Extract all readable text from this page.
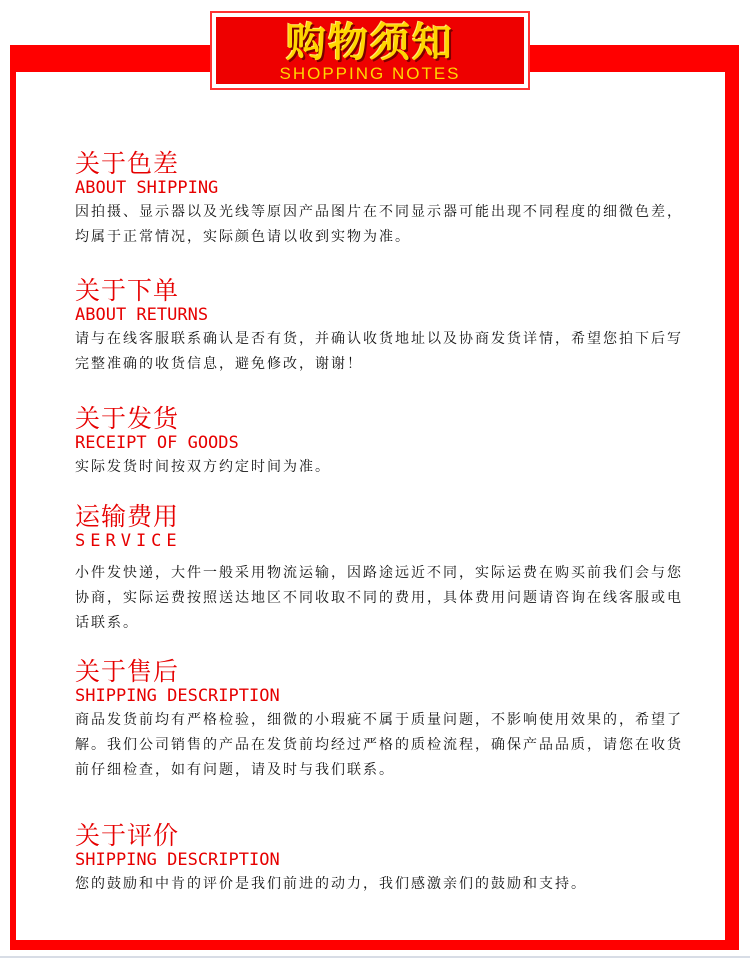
购物须知
SHOPPING NOTES
关于色差
ABOUT SHIPPING
因拍摄、显示器以及光线等原因产品图片在不同显示器可能出现不同程度的细微色差，均属于正常情况，实际颜色请以收到实物为准。
关于下单
ABOUT RETURNS
请与在线客服联系确认是否有货，并确认收货地址以及协商发货详情，希望您拍下后写完整准确的收货信息，避免修改，谢谢！
关于发货
RECEIPT OF GOODS
实际发货时间按双方约定时间为准。
运输费用
SERVICE
小件发快递，大件一般采用物流运输，因路途远近不同，实际运费在购买前我们会与您协商，实际运费按照送达地区不同收取不同的费用，具体费用问题请咨询在线客服或电话联系。
关于售后
SHIPPING DESCRIPTION
商品发货前均有严格检验，细微的小瑕疵不属于质量问题，不影响使用效果的，希望了解。我们公司销售的产品在发货前均经过严格的质检流程，确保产品品质，请您在收货前仔细检查，如有问题，请及时与我们联系。
关于评价
SHIPPING DESCRIPTION
您的鼓励和中肯的评价是我们前进的动力，我们感激亲们的鼓励和支持。
